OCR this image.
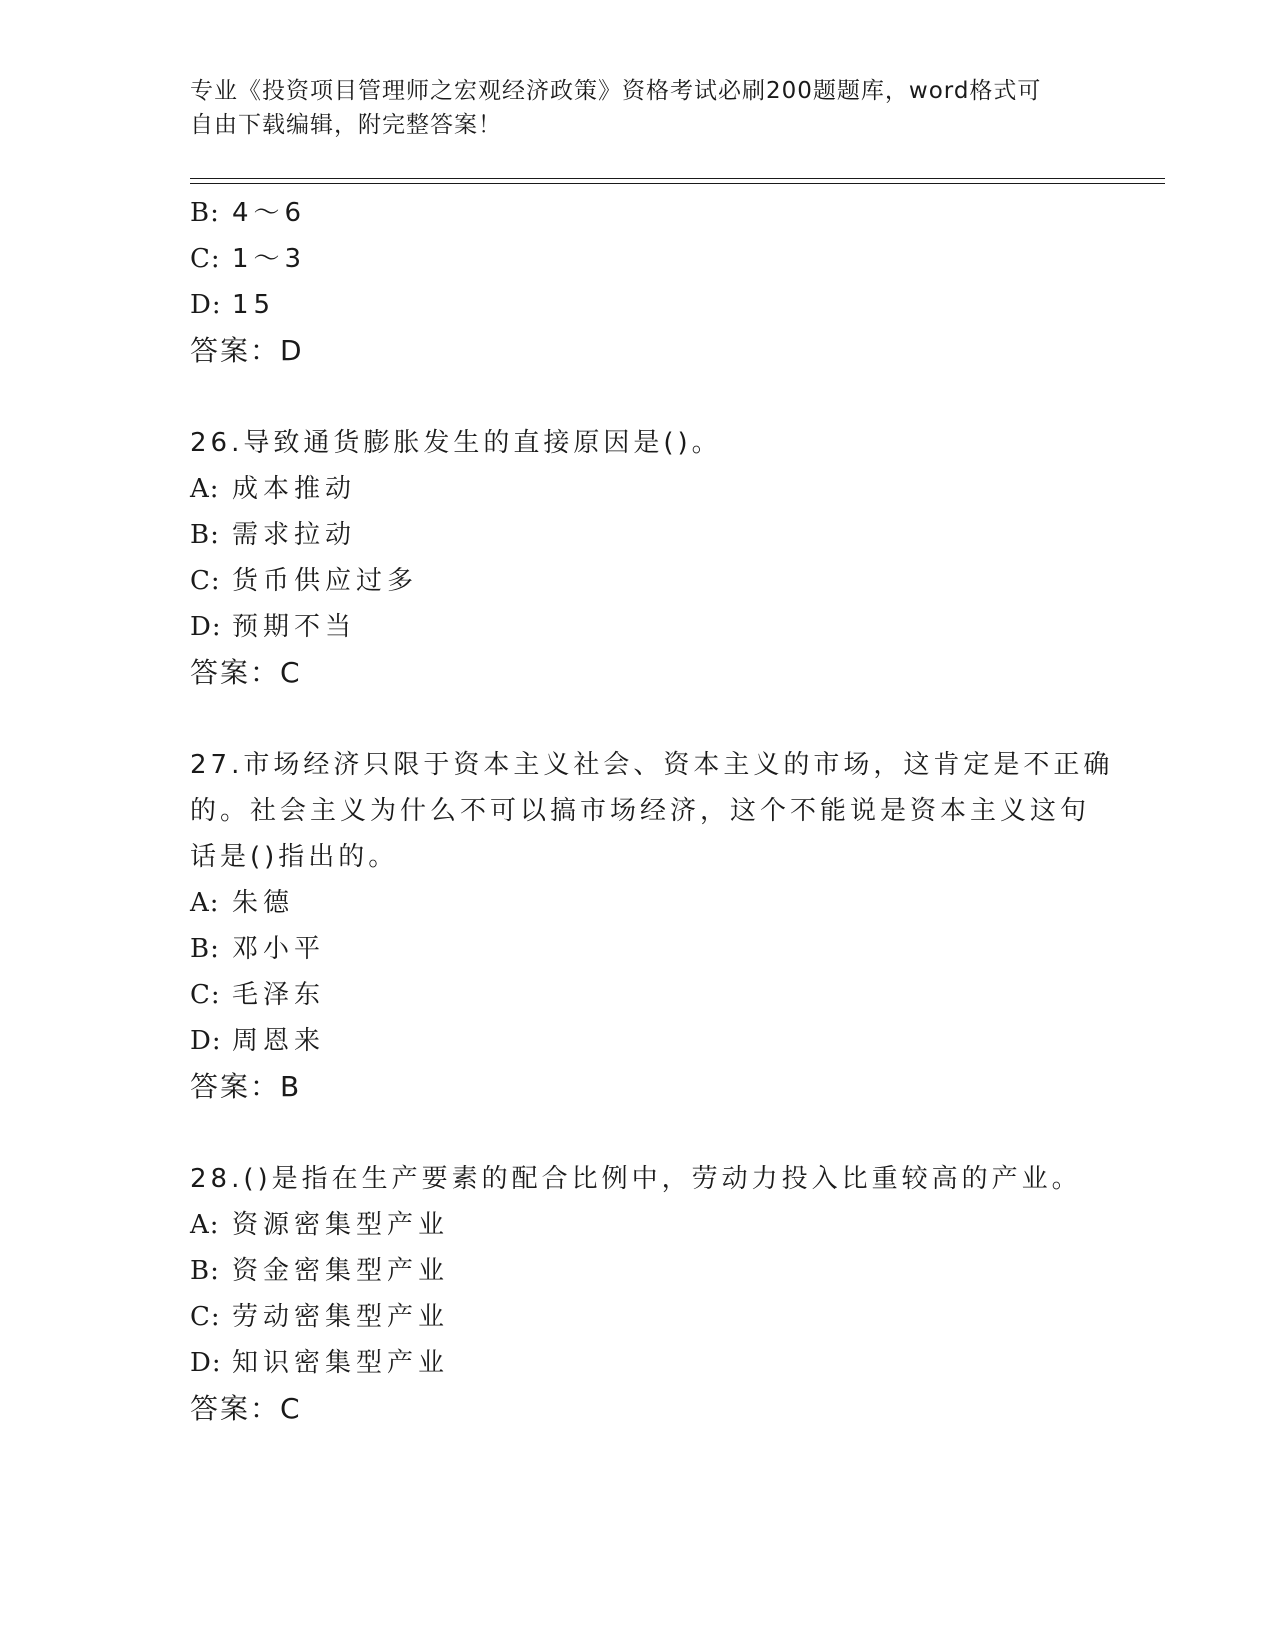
专业《投资项目管理师之宏观经济政策》资格考试必刷200题题库，word格式可
自由下载编辑，附完整答案！
B: 4～6
C: 1～3
D: 15
答案：D
26.导致通货膨胀发生的直接原因是()。
A: 成本推动
B: 需求拉动
C: 货币供应过多
D: 预期不当
答案：C
27.市场经济只限于资本主义社会、资本主义的市场，这肯定是不正确
的。社会主义为什么不可以搞市场经济，这个不能说是资本主义这句
话是()指出的。
A: 朱德
B: 邓小平
C: 毛泽东
D: 周恩来
答案：B
28.()是指在生产要素的配合比例中，劳动力投入比重较高的产业。
A: 资源密集型产业
B: 资金密集型产业
C: 劳动密集型产业
D: 知识密集型产业
答案：C
